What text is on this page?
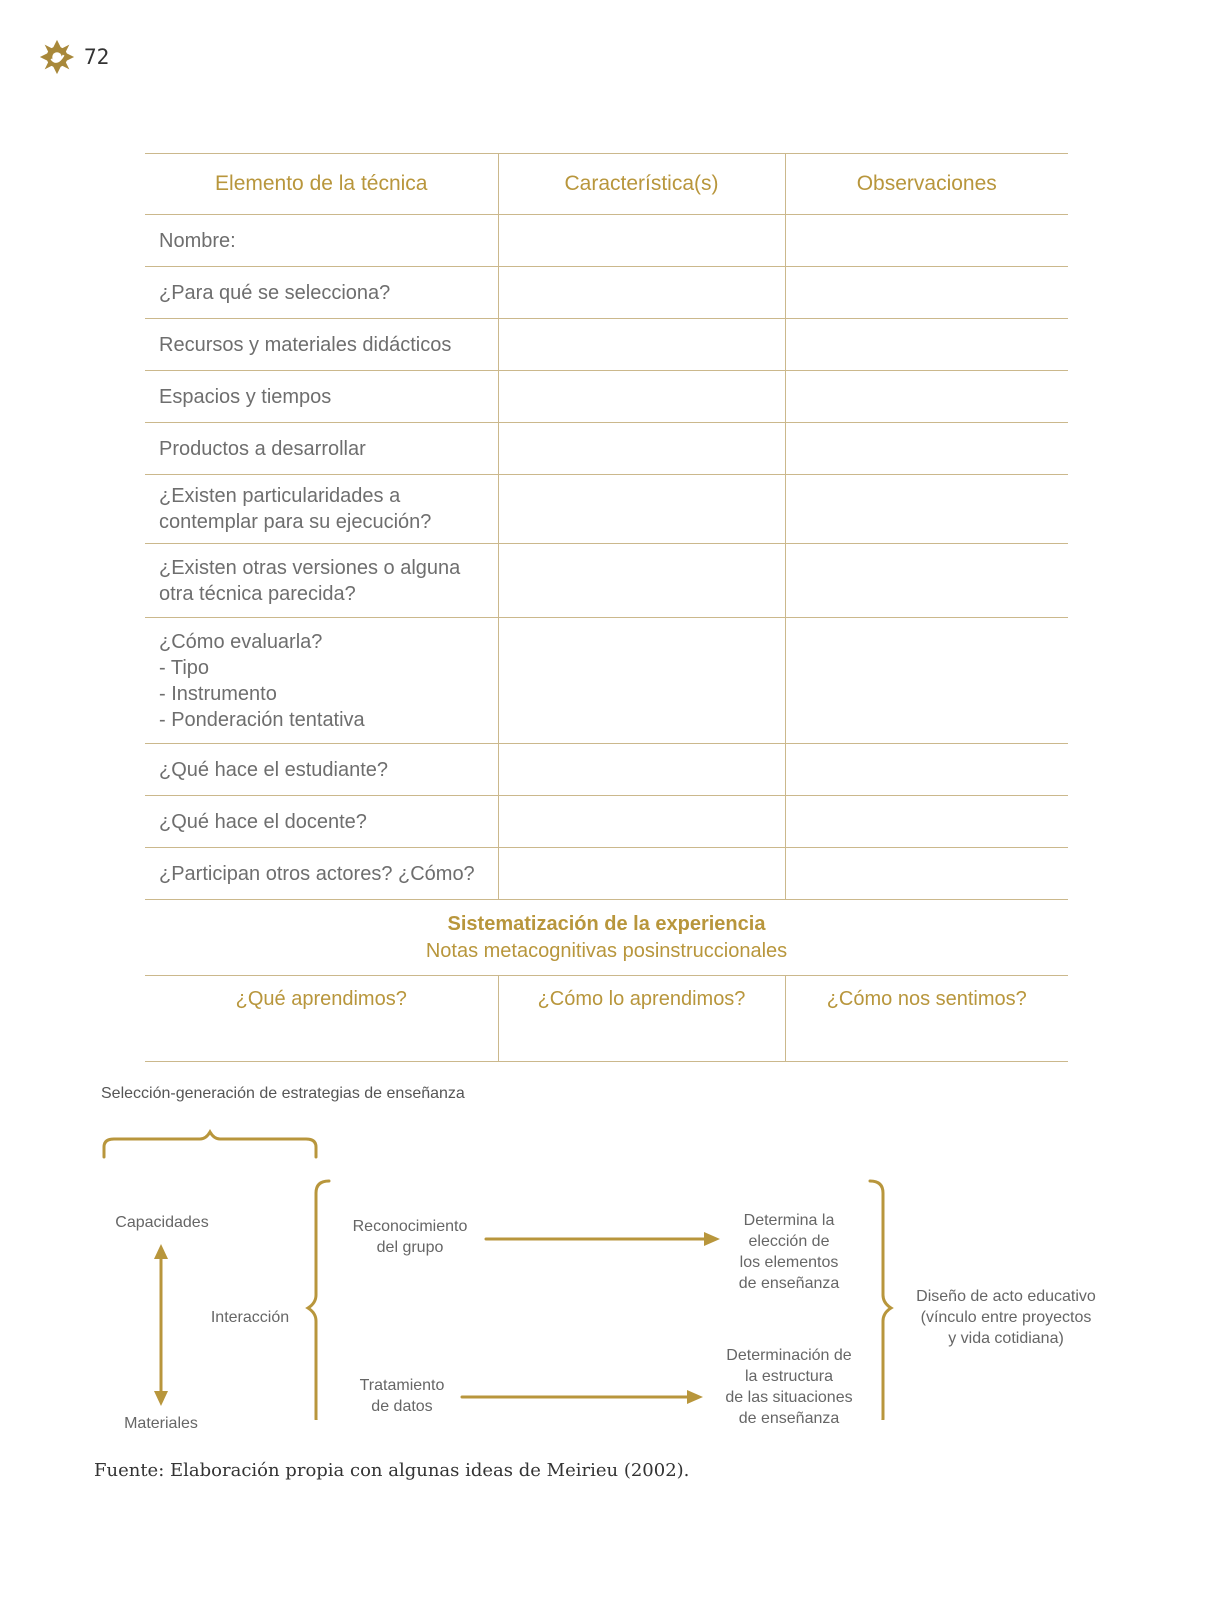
72
Elemento de la técnica	Característica(s)	Observaciones
Nombre:		
¿Para qué se selecciona?		
Recursos y materiales didácticos		
Espacios y tiempos		
Productos a desarrollar		
¿Existen particularidades a
contemplar para su ejecución?		
¿Existen otras versiones o alguna
otra técnica parecida?		
¿Cómo evaluarla?
- Tipo
- Instrumento
- Ponderación tentativa		
¿Qué hace el estudiante?		
¿Qué hace el docente?		
¿Participan otros actores? ¿Cómo?		

Sistematización de la experiencia
Notas metacognitivas posinstruccionales		

¿Qué aprendimos?	¿Cómo lo aprendimos?	¿Cómo nos sentimos?
Selección-generación de estrategias de enseñanza
Capacidades
Materiales
Interacción
Reconocimiento
del grupo
Tratamiento
de datos
Determina la
elección de
los elementos
de enseñanza
Determinación de
la estructura
de las situaciones
de enseñanza
Diseño de acto educativo
(vínculo entre proyectos
y vida cotidiana)
Fuente: Elaboración propia con algunas ideas de Meirieu (2002).
